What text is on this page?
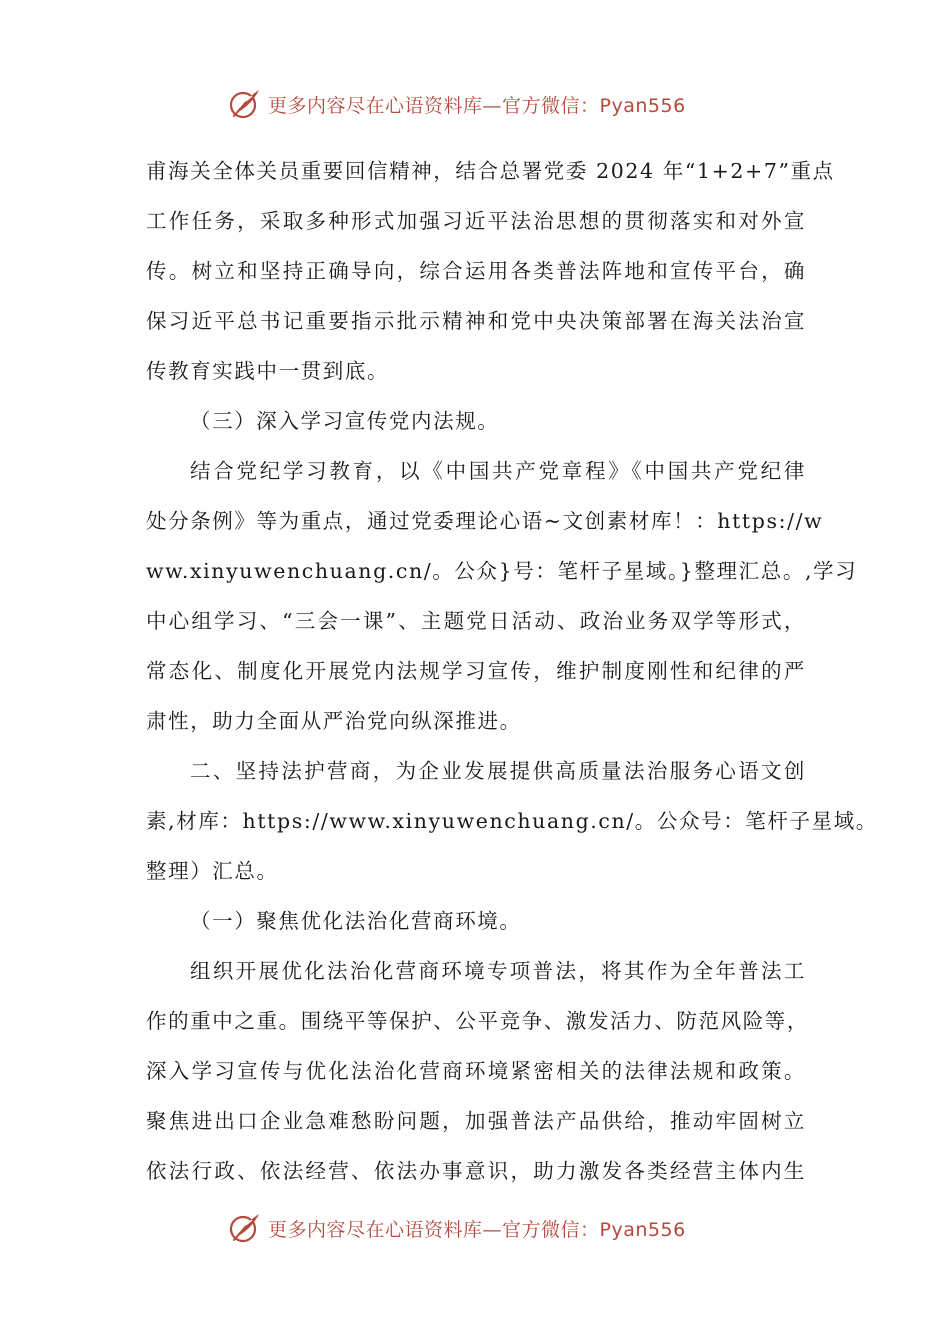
更多内容尽在心语资料库—官方微信：Pyan556
甫海关全体关员重要回信精神，结合总署党委 2024 年“1+2+7”重点
工作任务，采取多种形式加强习近平法治思想的贯彻落实和对外宣
传。树立和坚持正确导向，综合运用各类普法阵地和宣传平台，确
保习近平总书记重要指示批示精神和党中央决策部署在海关法治宣
传教育实践中一贯到底。
（三）深入学习宣传党内法规。
结合党纪学习教育，以《中国共产党章程》《中国共产党纪律
处分条例》等为重点，通过党委理论心语~文创素材库！：https://w
ww.xinyuwenchuang.cn/。公众}号：笔杆子星域。}整理汇总。,学习
中心组学习、“三会一课”、主题党日活动、政治业务双学等形式，
常态化、制度化开展党内法规学习宣传，维护制度刚性和纪律的严
肃性，助力全面从严治党向纵深推进。
二、坚持法护营商，为企业发展提供高质量法治服务心语文创
素,材库：https://www.xinyuwenchuang.cn/。公众号：笔杆子星域。
整理）汇总。
（一）聚焦优化法治化营商环境。
组织开展优化法治化营商环境专项普法，将其作为全年普法工
作的重中之重。围绕平等保护、公平竞争、激发活力、防范风险等，
深入学习宣传与优化法治化营商环境紧密相关的法律法规和政策。
聚焦进出口企业急难愁盼问题，加强普法产品供给，推动牢固树立
依法行政、依法经营、依法办事意识，助力激发各类经营主体内生
更多内容尽在心语资料库—官方微信：Pyan556
